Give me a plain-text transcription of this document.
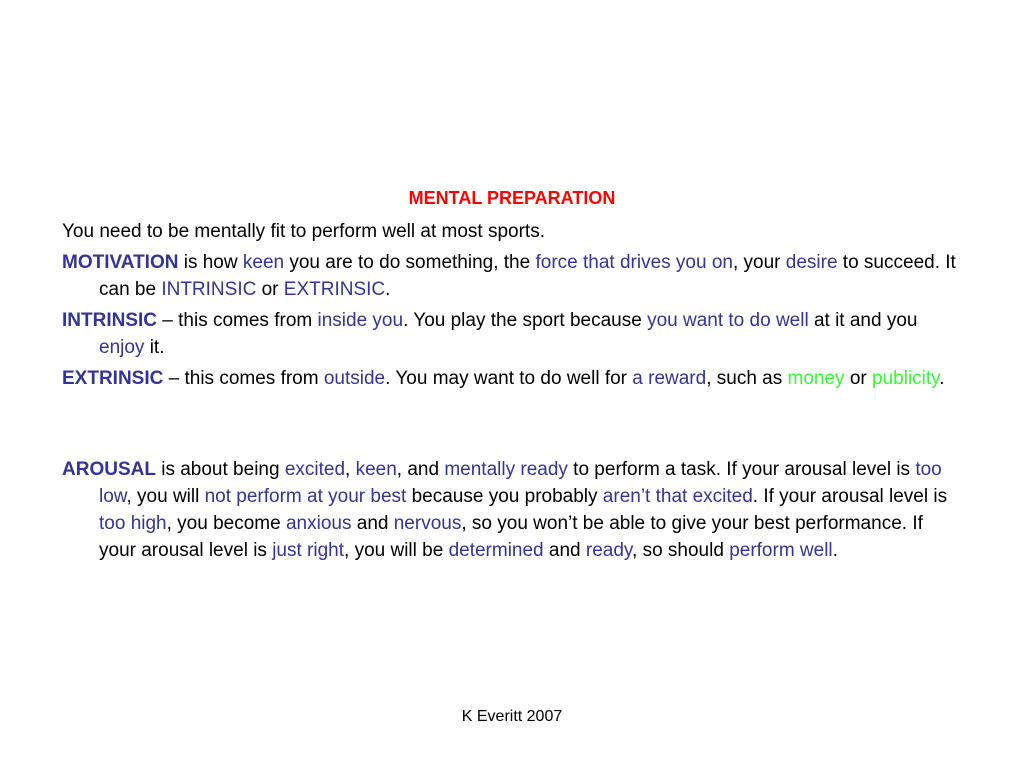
MENTAL PREPARATION

You need to be mentally fit to perform well at most sports.

MOTIVATION is how keen you are to do something, the force that drives you on, your desire to succeed. It can be INTRINSIC or EXTRINSIC.

INTRINSIC – this comes from inside you. You play the sport because you want to do well at it and you enjoy it.

EXTRINSIC – this comes from outside. You may want to do well for a reward, such as money or publicity.

AROUSAL is about being excited, keen, and mentally ready to perform a task. If your arousal level is too low, you will not perform at your best because you probably aren’t that excited. If your arousal level is too high, you become anxious and nervous, so you won’t be able to give your best performance. If your arousal level is just right, you will be determined and ready, so should perform well.

K Everitt 2007
